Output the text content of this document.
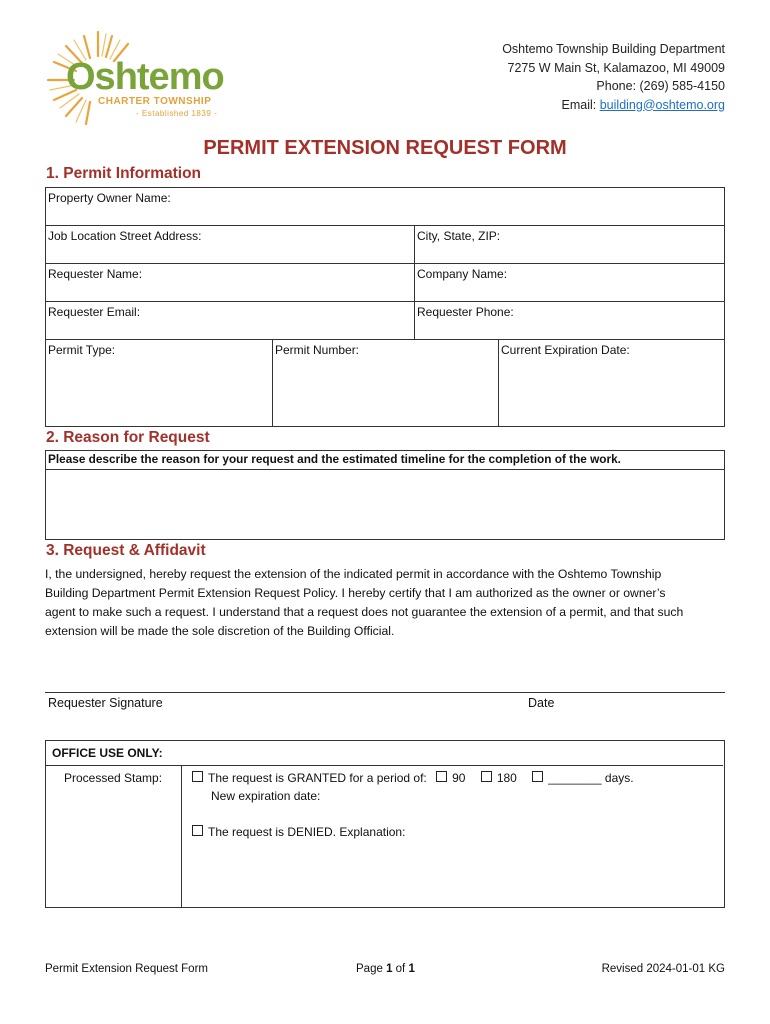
Oshtemo
CHARTER TOWNSHIP
- Established 1839 -
Oshtemo Township Building Department
7275 W Main St, Kalamazoo, MI 49009
Phone: (269) 585-4150
Email: building@oshtemo.org
PERMIT EXTENSION REQUEST FORM
1. Permit Information
Property Owner Name:
Job Location Street Address:	City, State, ZIP:
Requester Name:	Company Name:
Requester Email:	Requester Phone:
Permit Type:	Permit Number:	Current Expiration Date:
2. Reason for Request
Please describe the reason for your request and the estimated timeline for the completion of the work.
3. Request & Affidavit
I, the undersigned, hereby request the extension of the indicated permit in accordance with the Oshtemo Township
Building Department Permit Extension Request Policy. I hereby certify that I am authorized as the owner or owner’s
agent to make such a request. I understand that a request does not guarantee the extension of a permit, and that such
extension will be made the sole discretion of the Building Official.
Requester Signature	Date
OFFICE USE ONLY:
Processed Stamp:	The request is GRANTED for a period of: 90	180	________ days.
New expiration date:
The request is DENIED. Explanation:
Permit Extension Request Form	Page 1 of 1	Revised 2024-01-01 KG
